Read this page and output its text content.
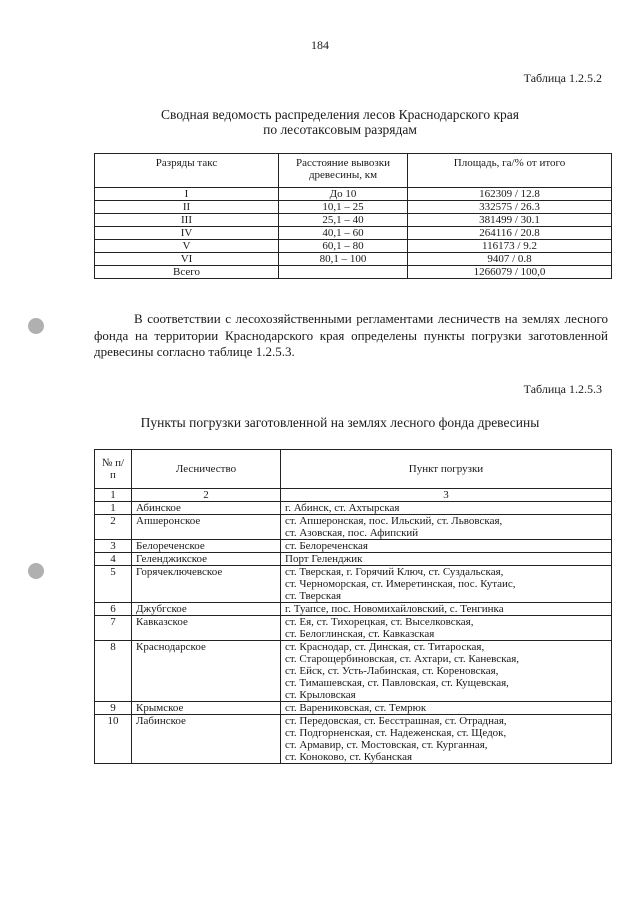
184
Таблица 1.2.5.2
Сводная ведомость распределения лесов Краснодарского края
по лесотаксовым разрядам
Разряды такс	Расстояние вывозки древесины, км	Площадь, га/% от итого
I	До 10	162309 / 12.8
II	10,1 – 25	332575 / 26.3
III	25,1 – 40	381499 / 30.1
IV	40,1 – 60	264116 / 20.8
V	60,1 – 80	116173 / 9.2
VI	80,1 – 100	9407 / 0.8
Всего		1266079 / 100,0
В соответствии с лесохозяйственными регламентами лесничеств на землях лесного фонда на территории Краснодарского края определены пункты погрузки заготовленной древесины согласно таблице 1.2.5.3.
Таблица 1.2.5.3
Пункты погрузки заготовленной на землях лесного фонда древесины
№ п/п	Лесничество	Пункт погрузки
1	2	3
1	Абинское	г. Абинск, ст. Ахтырская

2	Апшеронское	ст. Апшеронская, пос. Ильский, ст. Львовская,
ст. Азовская, пос. Афипский

3	Белореченское	ст. Белореченская

4	Геленджикское	Порт Геленджик

5	Горячеключевское	ст. Тверская, г. Горячий Ключ, ст. Суздальская,
ст. Черноморская, ст. Имеретинская, пос. Кутаис,
ст. Тверская

6	Джубгское	г. Туапсе, пос. Новомихайловский, с. Тенгинка

7	Кавказское	ст. Ея, ст. Тихорецкая, ст. Выселковская,
ст. Белоглинская, ст. Кавказская

8	Краснодарское	ст. Краснодар, ст. Динская, ст. Титароская,
ст. Старощербиновская, ст. Ахтари, ст. Каневская,
ст. Ейск, ст. Усть-Лабинская, ст. Кореновская,
ст. Тимашевская, ст. Павловская, ст. Кущевская,
ст. Крыловская

9	Крымское	ст. Варениковская, ст. Темрюк

10	Лабинское	ст. Передовская, ст. Бесстрашная, ст. Отрадная,
ст. Подгорненская, ст. Надеженская, ст. Щедок,
ст. Армавир, ст. Мостовская, ст. Курганная,
ст. Коноково, ст. Кубанская
